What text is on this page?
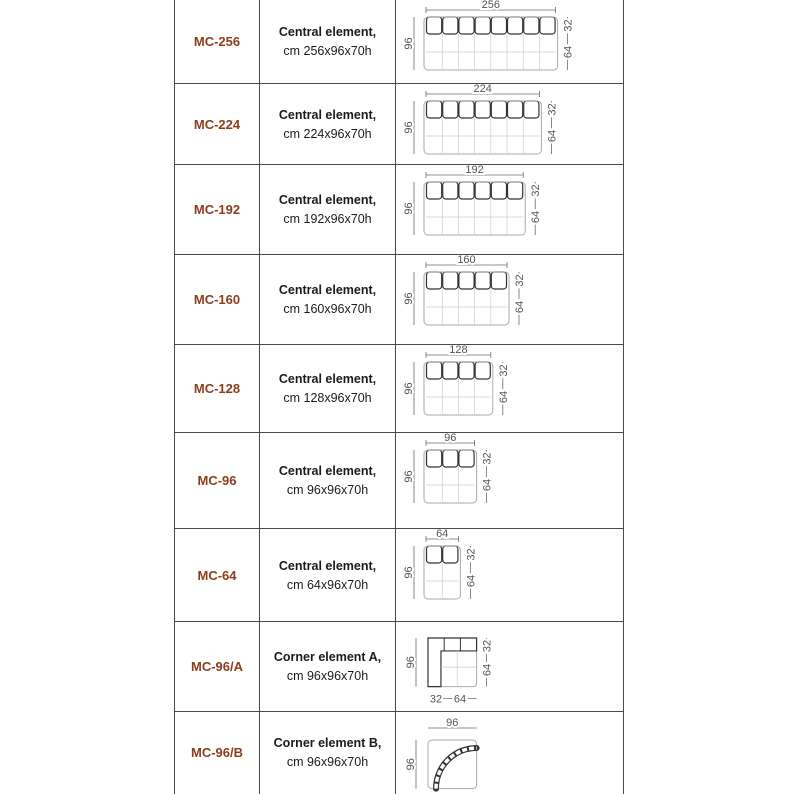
MC-256
Central element,
cm 256x96x70h
256
96
32
64
MC-224
Central element,
cm 224x96x70h
224
96
32
64
MC-192
Central element,
cm 192x96x70h
192
96
32
64
MC-160
Central element,
cm 160x96x70h
160
96
32
64
MC-128
Central element,
cm 128x96x70h
128
96
32
64
MC-96
Central element,
cm 96x96x70h
96
96
32
64
MC-64
Central element,
cm 64x96x70h
64
96
32
64
MC-96/A
Corner element A,
cm 96x96x70h
96
32
64
32 64
MC-96/B
Corner element B,
cm 96x96x70h
96
96
